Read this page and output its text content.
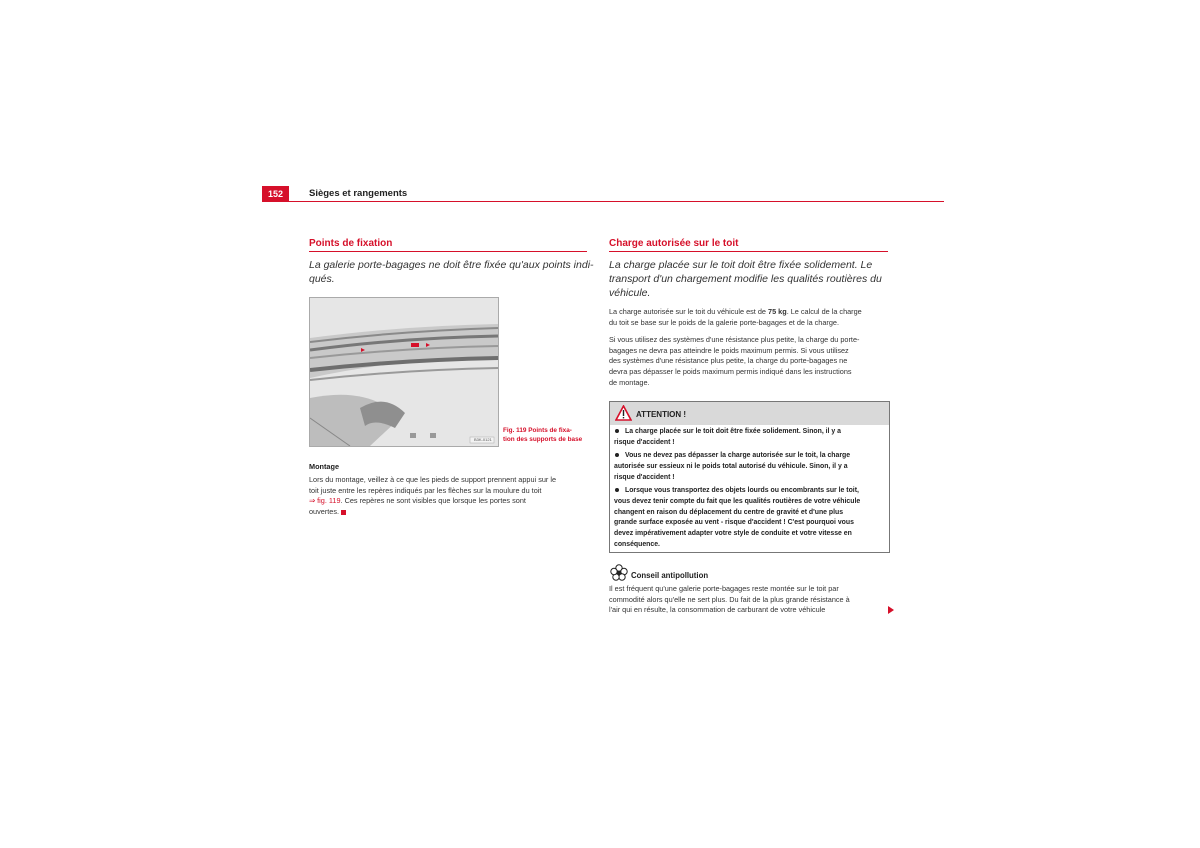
152	Sièges et rangements
Points de fixation
La galerie porte-bagages ne doit être fixée qu'aux points indi-
qués.
B3K-0121
Fig. 119 Points de fixa-
tion des supports de base
Montage
Lors du montage, veillez à ce que les pieds de support prennent appui sur le
toit juste entre les repères indiqués par les flèches sur la moulure du toit
⇒ fig. 119. Ces repères ne sont visibles que lorsque les portes sont
ouvertes.
Charge autorisée sur le toit
La charge placée sur le toit doit être fixée solidement. Le
transport d'un chargement modifie les qualités routières du
véhicule.
La charge autorisée sur le toit du véhicule est de 75 kg. Le calcul de la charge
du toit se base sur le poids de la galerie porte-bagages et de la charge.
Si vous utilisez des systèmes d'une résistance plus petite, la charge du porte-
bagages ne devra pas atteindre le poids maximum permis. Si vous utilisez
des systèmes d'une résistance plus petite, la charge du porte-bagages ne
devra pas dépasser le poids maximum permis indiqué dans les instructions
de montage.
ATTENTION !
La charge placée sur le toit doit être fixée solidement. Sinon, il y a
risque d'accident !
Vous ne devez pas dépasser la charge autorisée sur le toit, la charge
autorisée sur essieux ni le poids total autorisé du véhicule. Sinon, il y a
risque d'accident !
Lorsque vous transportez des objets lourds ou encombrants sur le toit,
vous devez tenir compte du fait que les qualités routières de votre véhicule
changent en raison du déplacement du centre de gravité et d'une plus
grande surface exposée au vent - risque d'accident ! C'est pourquoi vous
devez impérativement adapter votre style de conduite et votre vitesse en
conséquence.
Conseil antipollution
Il est fréquent qu'une galerie porte-bagages reste montée sur le toit par
commodité alors qu'elle ne sert plus. Du fait de la plus grande résistance à
l'air qui en résulte, la consommation de carburant de votre véhicule
